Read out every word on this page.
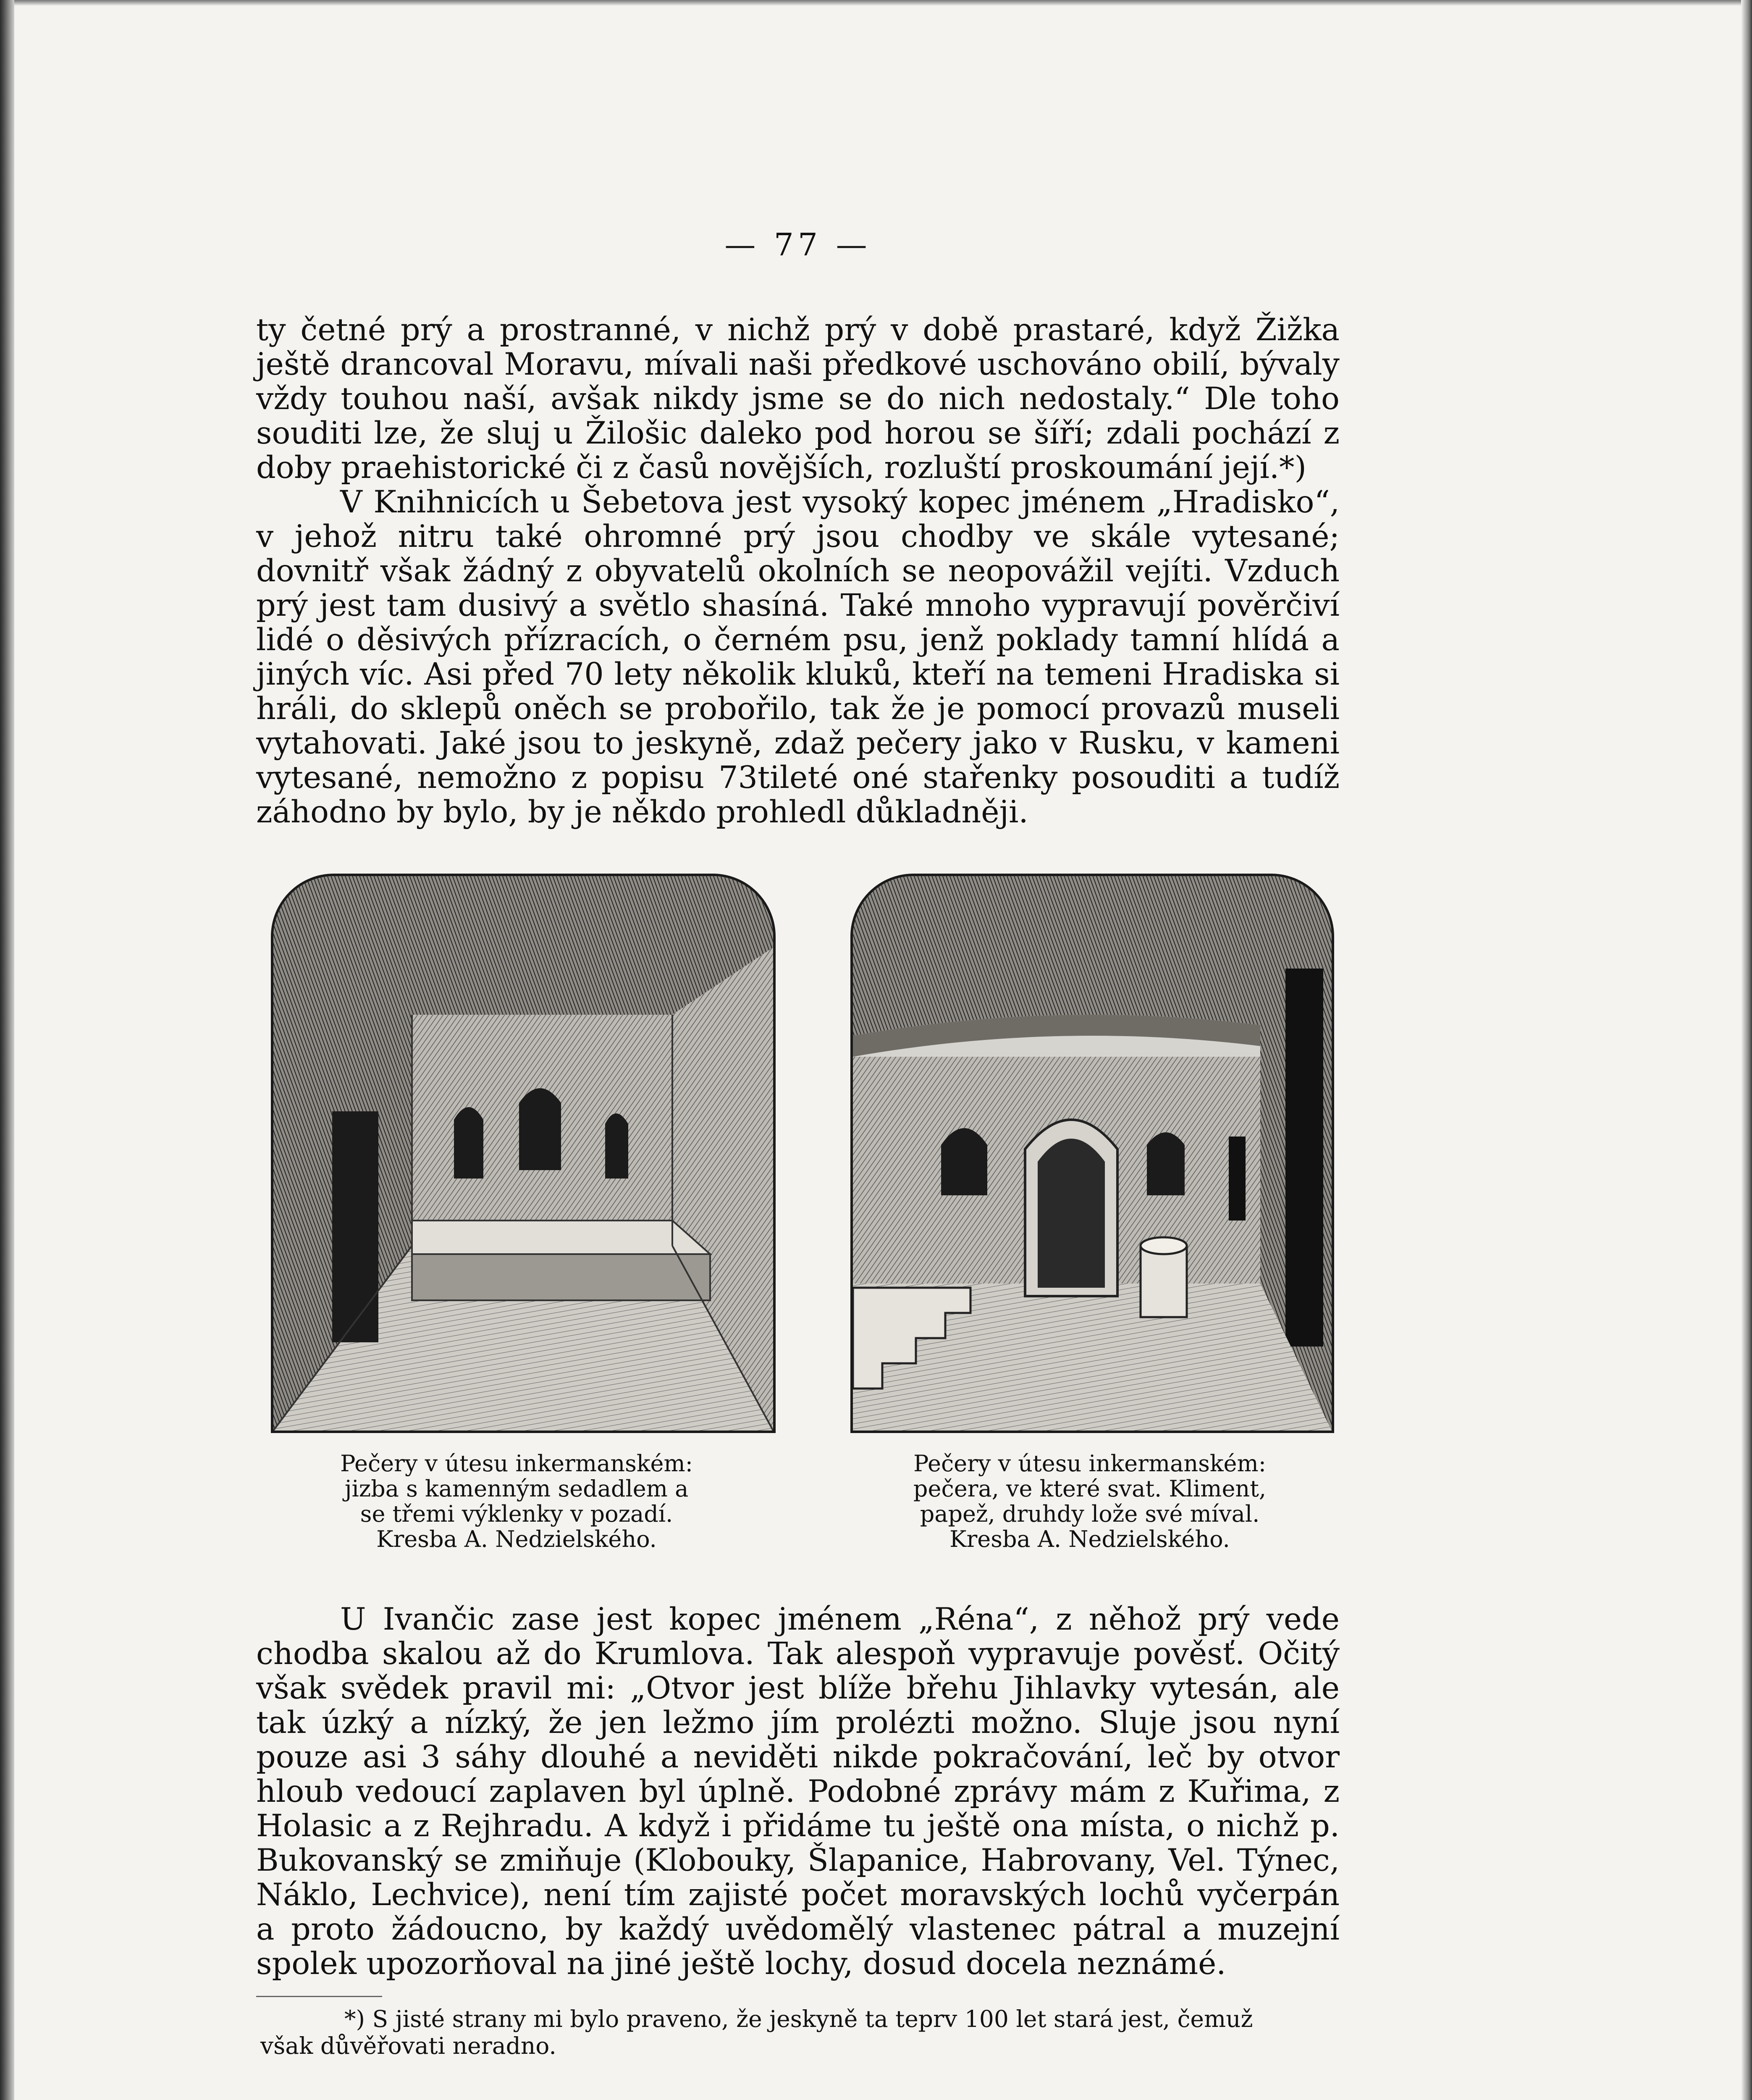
— 77 —

ty četné prý a prostranné, v nichž prý v době prastaré, když Žižka ještě drancoval Moravu, mívali naši předkové uschováno obilí, bývaly vždy touhou naší, avšak nikdy jsme se do nich nedostaly.“ Dle toho souditi lze, že sluj u Žilošic daleko pod horou se šíří; zdali pochází z doby praehistorické či z časů novějších, rozluští proskoumání její.*)

V Knihnicích u Šebetova jest vysoký kopec jménem „Hradisko“, v jehož nitru také ohromné prý jsou chodby ve skále vytesané; dovnitř však žádný z obyvatelů okolních se neopovážil vejíti. Vzduch prý jest tam dusivý a světlo shasíná. Také mnoho vypravují pověrčiví lidé o děsivých přízracích, o černém psu, jenž poklady tamní hlídá a jiných víc. Asi před 70 lety několik kluků, kteří na temeni Hradiska si hráli, do sklepů oněch se probořilo, tak že je pomocí provazů museli vytahovati. Jaké jsou to jeskyně, zdaž pečery jako v Rusku, v kameni vytesané, nemožno z popisu 73tileté oné stařenky posouditi a tudíž záhodno by bylo, by je někdo prohledl důkladněji.

Pečery v útesu inkermanském:
jizba s kamenným sedadlem a
se třemi výklenky v pozadí.
Kresba A. Nedzielského.
Pečery v útesu inkermanském:
pečera, ve které svat. Kliment,
papež, druhdy lože své míval.
Kresba A. Nedzielského.

U Ivančic zase jest kopec jménem „Réna“, z něhož prý vede chodba skalou až do Krumlova. Tak alespoň vypravuje pověsť. Očitý však svědek pravil mi: „Otvor jest blíže břehu Jihlavky vytesán, ale tak úzký a nízký, že jen ležmo jím prolézti možno. Sluje jsou nyní pouze asi 3 sáhy dlouhé a neviděti nikde pokračování, leč by otvor hloub vedoucí zaplaven byl úplně. Podobné zprávy mám z Kuřima, z Holasic a z Rejhradu. A když i přidáme tu ještě ona místa, o nichž p. Bukovanský se zmiňuje (Klobouky, Šlapanice, Habrovany, Vel. Týnec, Náklo, Lechvice), není tím zajisté počet moravských lochů vyčerpán a proto žádoucno, by každý uvědomělý vlastenec pátral a muzejní spolek upozorňoval na jiné ještě lochy, dosud docela neznámé.

*) S jisté strany mi bylo praveno, že jeskyně ta teprv 100 let stará jest, čemuž
však důvěřovati neradno.
